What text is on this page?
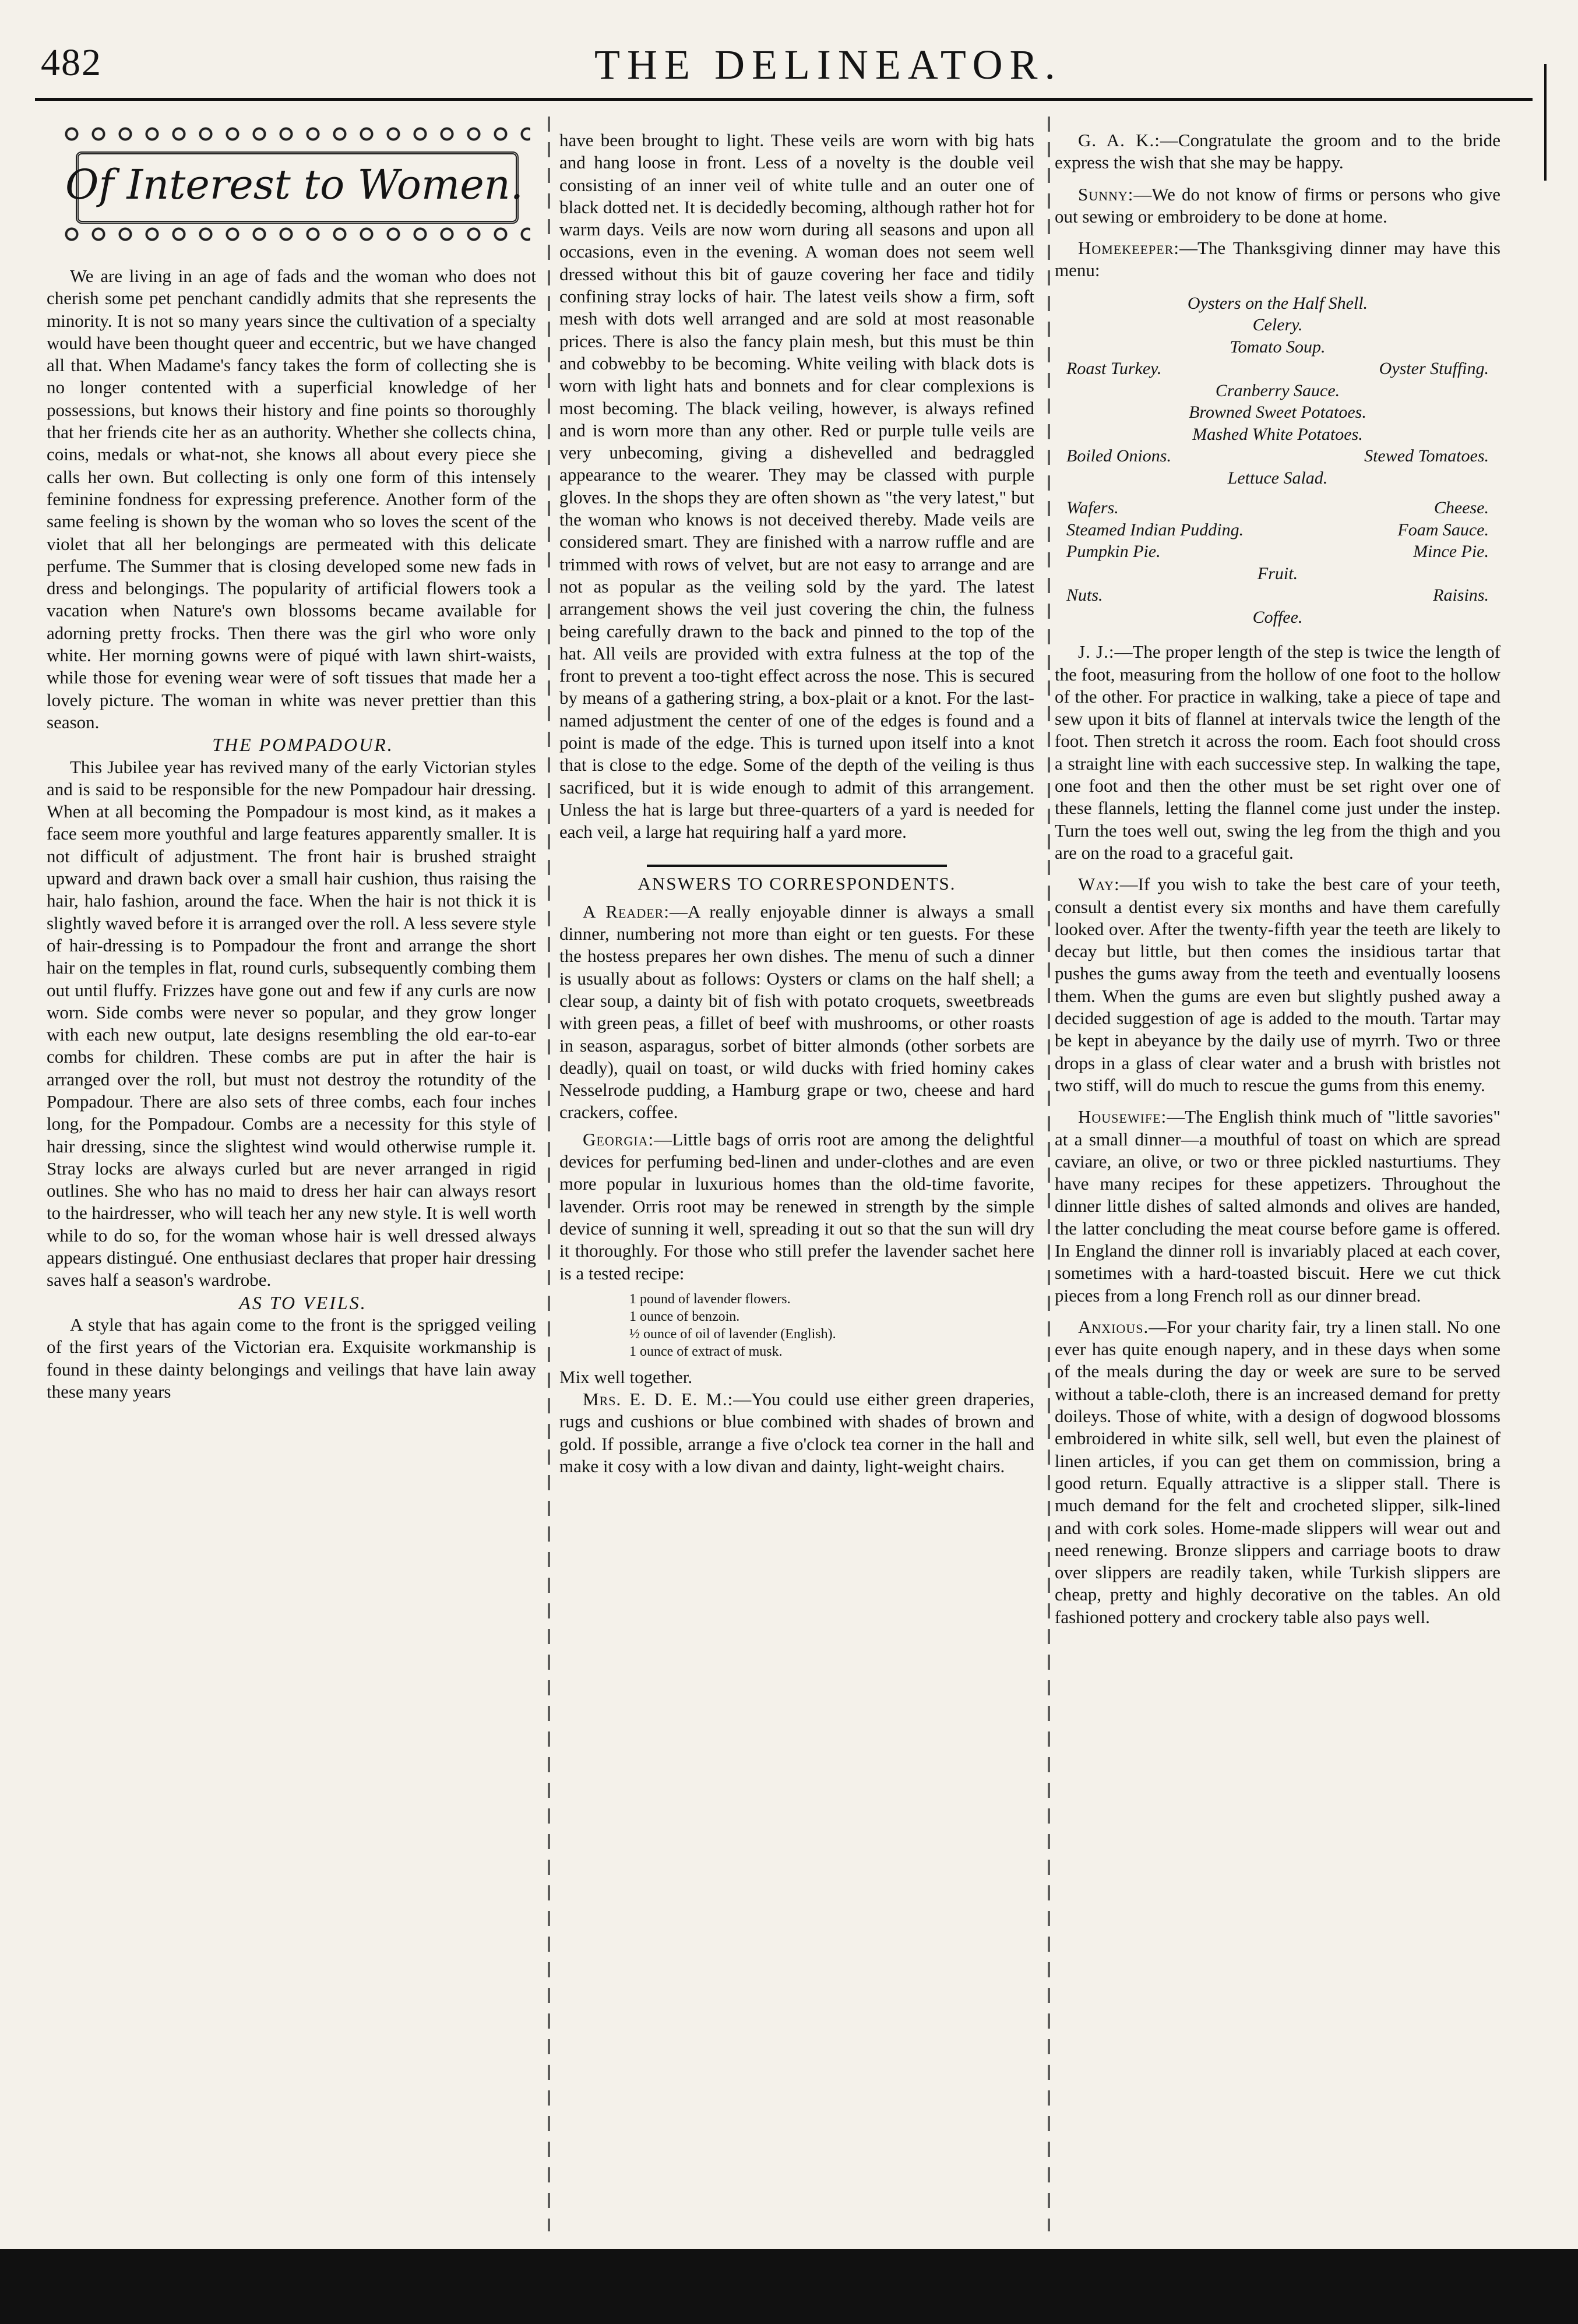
482	THE DELINEATOR.
Of Interest to Women.

We are living in an age of fads and the woman who does not cherish some pet penchant candidly admits that she represents the minority. It is not so many years since the cultivation of a specialty would have been thought queer and eccentric, but we have changed all that. When Madame's fancy takes the form of collecting she is no longer contented with a superficial knowledge of her possessions, but knows their history and fine points so thoroughly that her friends cite her as an authority. Whether she collects china, coins, medals or what-not, she knows all about every piece she calls her own. But collecting is only one form of this intensely feminine fondness for expressing preference. Another form of the same feeling is shown by the woman who so loves the scent of the violet that all her belongings are permeated with this delicate perfume. The Summer that is closing developed some new fads in dress and belongings. The popularity of artificial flowers took a vacation when Nature's own blossoms became available for adorning pretty frocks. Then there was the girl who wore only white. Her morning gowns were of piqué with lawn shirt-waists, while those for evening wear were of soft tissues that made her a lovely picture. The woman in white was never prettier than this season.

THE POMPADOUR.

This Jubilee year has revived many of the early Victorian styles and is said to be responsible for the new Pompadour hair dressing. When at all becoming the Pompadour is most kind, as it makes a face seem more youthful and large features apparently smaller. It is not difficult of adjustment. The front hair is brushed straight upward and drawn back over a small hair cushion, thus raising the hair, halo fashion, around the face. When the hair is not thick it is slightly waved before it is arranged over the roll. A less severe style of hair-dressing is to Pompadour the front and arrange the short hair on the temples in flat, round curls, subsequently combing them out until fluffy. Frizzes have gone out and few if any curls are now worn. Side combs were never so popular, and they grow longer with each new output, late designs resembling the old ear-to-ear combs for children. These combs are put in after the hair is arranged over the roll, but must not destroy the rotundity of the Pompadour. There are also sets of three combs, each four inches long, for the Pompadour. Combs are a necessity for this style of hair dressing, since the slightest wind would otherwise rumple it. Stray locks are always curled but are never arranged in rigid outlines. She who has no maid to dress her hair can always resort to the hairdresser, who will teach her any new style. It is well worth while to do so, for the woman whose hair is well dressed always appears distingué. One enthusiast declares that proper hair dressing saves half a season's wardrobe.

AS TO VEILS.

A style that has again come to the front is the sprigged veiling of the first years of the Victorian era. Exquisite workmanship is found in these dainty belongings and veilings that have lain away these many years

have been brought to light. These veils are worn with big hats and hang loose in front. Less of a novelty is the double veil consisting of an inner veil of white tulle and an outer one of black dotted net. It is decidedly becoming, although rather hot for warm days. Veils are now worn during all seasons and upon all occasions, even in the evening. A woman does not seem well dressed without this bit of gauze covering her face and tidily confining stray locks of hair. The latest veils show a firm, soft mesh with dots well arranged and are sold at most reasonable prices. There is also the fancy plain mesh, but this must be thin and cobwebby to be becoming. White veiling with black dots is worn with light hats and bonnets and for clear complexions is most becoming. The black veiling, however, is always refined and is worn more than any other. Red or purple tulle veils are very unbecoming, giving a dishevelled and bedraggled appearance to the wearer. They may be classed with purple gloves. In the shops they are often shown as "the very latest," but the woman who knows is not deceived thereby. Made veils are considered smart. They are finished with a narrow ruffle and are trimmed with rows of velvet, but are not easy to arrange and are not as popular as the veiling sold by the yard. The latest arrangement shows the veil just covering the chin, the fulness being carefully drawn to the back and pinned to the top of the hat. All veils are provided with extra fulness at the top of the front to prevent a too-tight effect across the nose. This is secured by means of a gathering string, a box-plait or a knot. For the last-named adjustment the center of one of the edges is found and a point is made of the edge. This is turned upon itself into a knot that is close to the edge. Some of the depth of the veiling is thus sacrificed, but it is wide enough to admit of this arrangement. Unless the hat is large but three-quarters of a yard is needed for each veil, a large hat requiring half a yard more.

ANSWERS TO CORRESPONDENTS.

A Reader:—A really enjoyable dinner is always a small dinner, numbering not more than eight or ten guests. For these the hostess prepares her own dishes. The menu of such a dinner is usually about as follows: Oysters or clams on the half shell; a clear soup, a dainty bit of fish with potato croquets, sweetbreads with green peas, a fillet of beef with mushrooms, or other roasts in season, asparagus, sorbet of bitter almonds (other sorbets are deadly), quail on toast, or wild ducks with fried hominy cakes Nesselrode pudding, a Hamburg grape or two, cheese and hard crackers, coffee.

Georgia:—Little bags of orris root are among the delightful devices for perfuming bed-linen and under-clothes and are even more popular in luxurious homes than the old-time favorite, lavender. Orris root may be renewed in strength by the simple device of sunning it well, spreading it out so that the sun will dry it thoroughly. For those who still prefer the lavender sachet here is a tested recipe:

1 pound of lavender flowers.
1 ounce of benzoin.
½ ounce of oil of lavender (English).
1 ounce of extract of musk.

Mix well together.

Mrs. E. D. E. M.:—You could use either green draperies, rugs and cushions or blue combined with shades of brown and gold. If possible, arrange a five o'clock tea corner in the hall and make it cosy with a low divan and dainty, light-weight chairs.

G. A. K.:—Congratulate the groom and to the bride express the wish that she may be happy.

Sunny:—We do not know of firms or persons who give out sewing or embroidery to be done at home.

Homekeeper:—The Thanksgiving dinner may have this menu:

Oysters on the Half Shell.
Celery.
Tomato Soup.
Roast Turkey.	Oyster Stuffing.
Cranberry Sauce.
Browned Sweet Potatoes.
Mashed White Potatoes.
Boiled Onions.	Stewed Tomatoes.
Lettuce Salad.
Wafers.	Cheese.
Steamed Indian Pudding.	Foam Sauce.
Pumpkin Pie.	Mince Pie.
Fruit.
Nuts.	Raisins.
Coffee.

J. J.:—The proper length of the step is twice the length of the foot, measuring from the hollow of one foot to the hollow of the other. For practice in walking, take a piece of tape and sew upon it bits of flannel at intervals twice the length of the foot. Then stretch it across the room. Each foot should cross a straight line with each successive step. In walking the tape, one foot and then the other must be set right over one of these flannels, letting the flannel come just under the instep. Turn the toes well out, swing the leg from the thigh and you are on the road to a graceful gait.

Way:—If you wish to take the best care of your teeth, consult a dentist every six months and have them carefully looked over. After the twenty-fifth year the teeth are likely to decay but little, but then comes the insidious tartar that pushes the gums away from the teeth and eventually loosens them. When the gums are even but slightly pushed away a decided suggestion of age is added to the mouth. Tartar may be kept in abeyance by the daily use of myrrh. Two or three drops in a glass of clear water and a brush with bristles not two stiff, will do much to rescue the gums from this enemy.

Housewife:—The English think much of "little savories" at a small dinner—a mouthful of toast on which are spread caviare, an olive, or two or three pickled nasturtiums. They have many recipes for these appetizers. Throughout the dinner little dishes of salted almonds and olives are handed, the latter concluding the meat course before game is offered. In England the dinner roll is invariably placed at each cover, sometimes with a hard-toasted biscuit. Here we cut thick pieces from a long French roll as our dinner bread.

Anxious.—For your charity fair, try a linen stall. No one ever has quite enough napery, and in these days when some of the meals during the day or week are sure to be served without a table-cloth, there is an increased demand for pretty doileys. Those of white, with a design of dogwood blossoms embroidered in white silk, sell well, but even the plainest of linen articles, if you can get them on commission, bring a good return. Equally attractive is a slipper stall. There is much demand for the felt and crocheted slipper, silk-lined and with cork soles. Home-made slippers will wear out and need renewing. Bronze slippers and carriage boots to draw over slippers are readily taken, while Turkish slippers are cheap, pretty and highly decorative on the tables. An old fashioned pottery and crockery table also pays well.
